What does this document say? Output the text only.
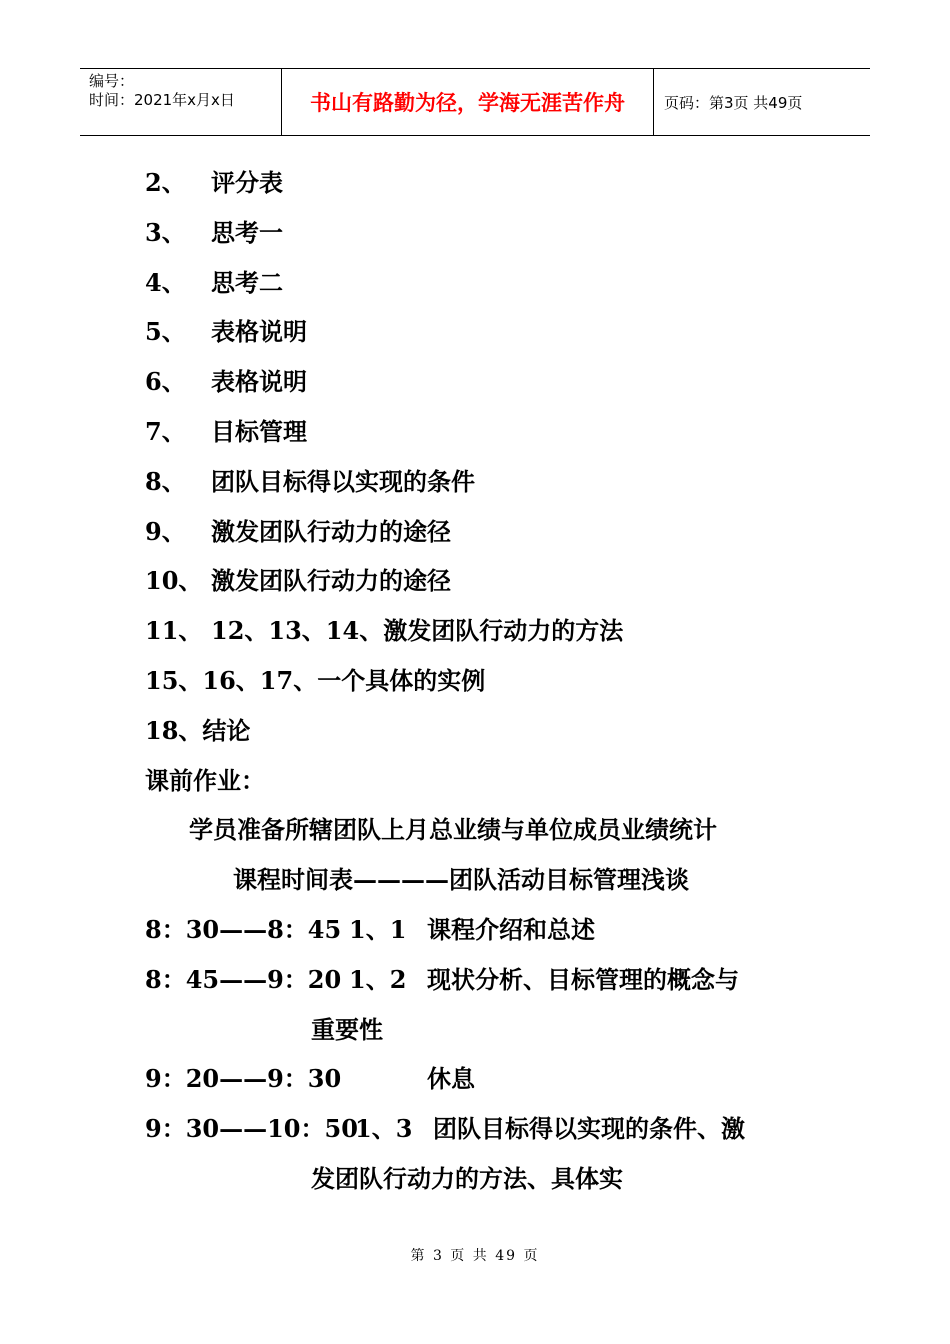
编号：
时间：2021年x月x日	书山有路勤为径，学海无涯苦作舟	页码：第3页 共49页
2、 评分表
3、 思考一
4、 思考二
5、 表格说明
6、 表格说明
7、 目标管理
8、 团队目标得以实现的条件
9、 激发团队行动力的途径
10、 激发团队行动力的途径
11、 12、13、14、激发团队行动力的方法
15、16、17、一个具体的实例
18、结论
课前作业：
学员准备所辖团队上月总业绩与单位成员业绩统计
课程时间表————团队活动目标管理浅谈
8：30——8：45 1、1 课程介绍和总述
8：45——9：20 1、2 现状分析、目标管理的概念与
重要性
9：20——9：30	休息
9：30——10：501、3 团队目标得以实现的条件、激
发团队行动力的方法、具体实
第 3 页 共 49 页
